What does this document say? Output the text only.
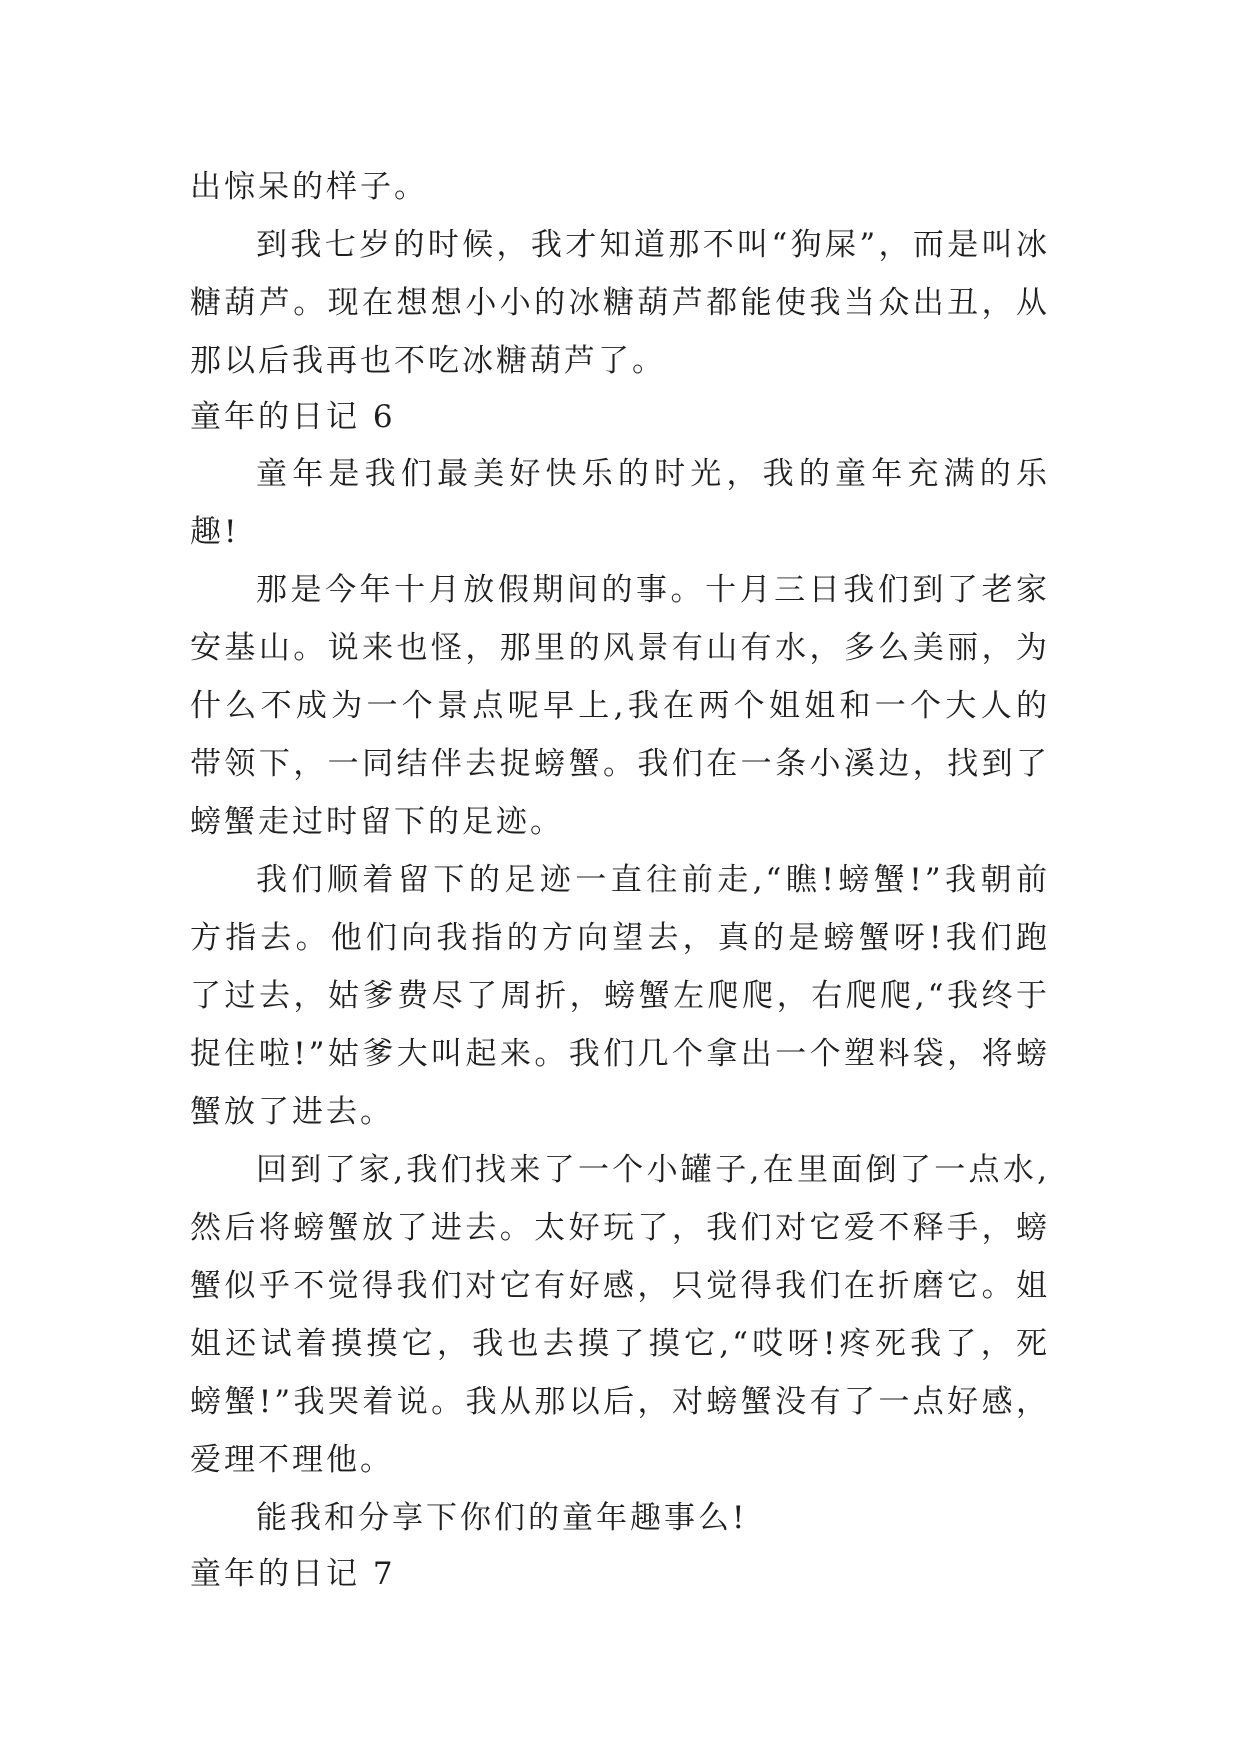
出惊呆的样子。

到我七岁的时候，我才知道那不叫“狗屎”，而是叫冰糖葫芦。现在想想小小的冰糖葫芦都能使我当众出丑，从那以后我再也不吃冰糖葫芦了。

童年的日记 6

童年是我们最美好快乐的时光，我的童年充满的乐趣!

那是今年十月放假期间的事。十月三日我们到了老家安基山。说来也怪，那里的风景有山有水，多么美丽，为什么不成为一个景点呢早上,我在两个姐姐和一个大人的带领下，一同结伴去捉螃蟹。我们在一条小溪边，找到了螃蟹走过时留下的足迹。

我们顺着留下的足迹一直往前走,“瞧!螃蟹!”我朝前方指去。他们向我指的方向望去，真的是螃蟹呀!我们跑了过去，姑爹费尽了周折，螃蟹左爬爬，右爬爬,“我终于捉住啦!”姑爹大叫起来。我们几个拿出一个塑料袋，将螃蟹放了进去。

回到了家,我们找来了一个小罐子,在里面倒了一点水,然后将螃蟹放了进去。太好玩了，我们对它爱不释手，螃蟹似乎不觉得我们对它有好感，只觉得我们在折磨它。姐姐还试着摸摸它，我也去摸了摸它,“哎呀!疼死我了，死螃蟹!”我哭着说。我从那以后，对螃蟹没有了一点好感，爱理不理他。

能我和分享下你们的童年趣事么!

童年的日记 7
